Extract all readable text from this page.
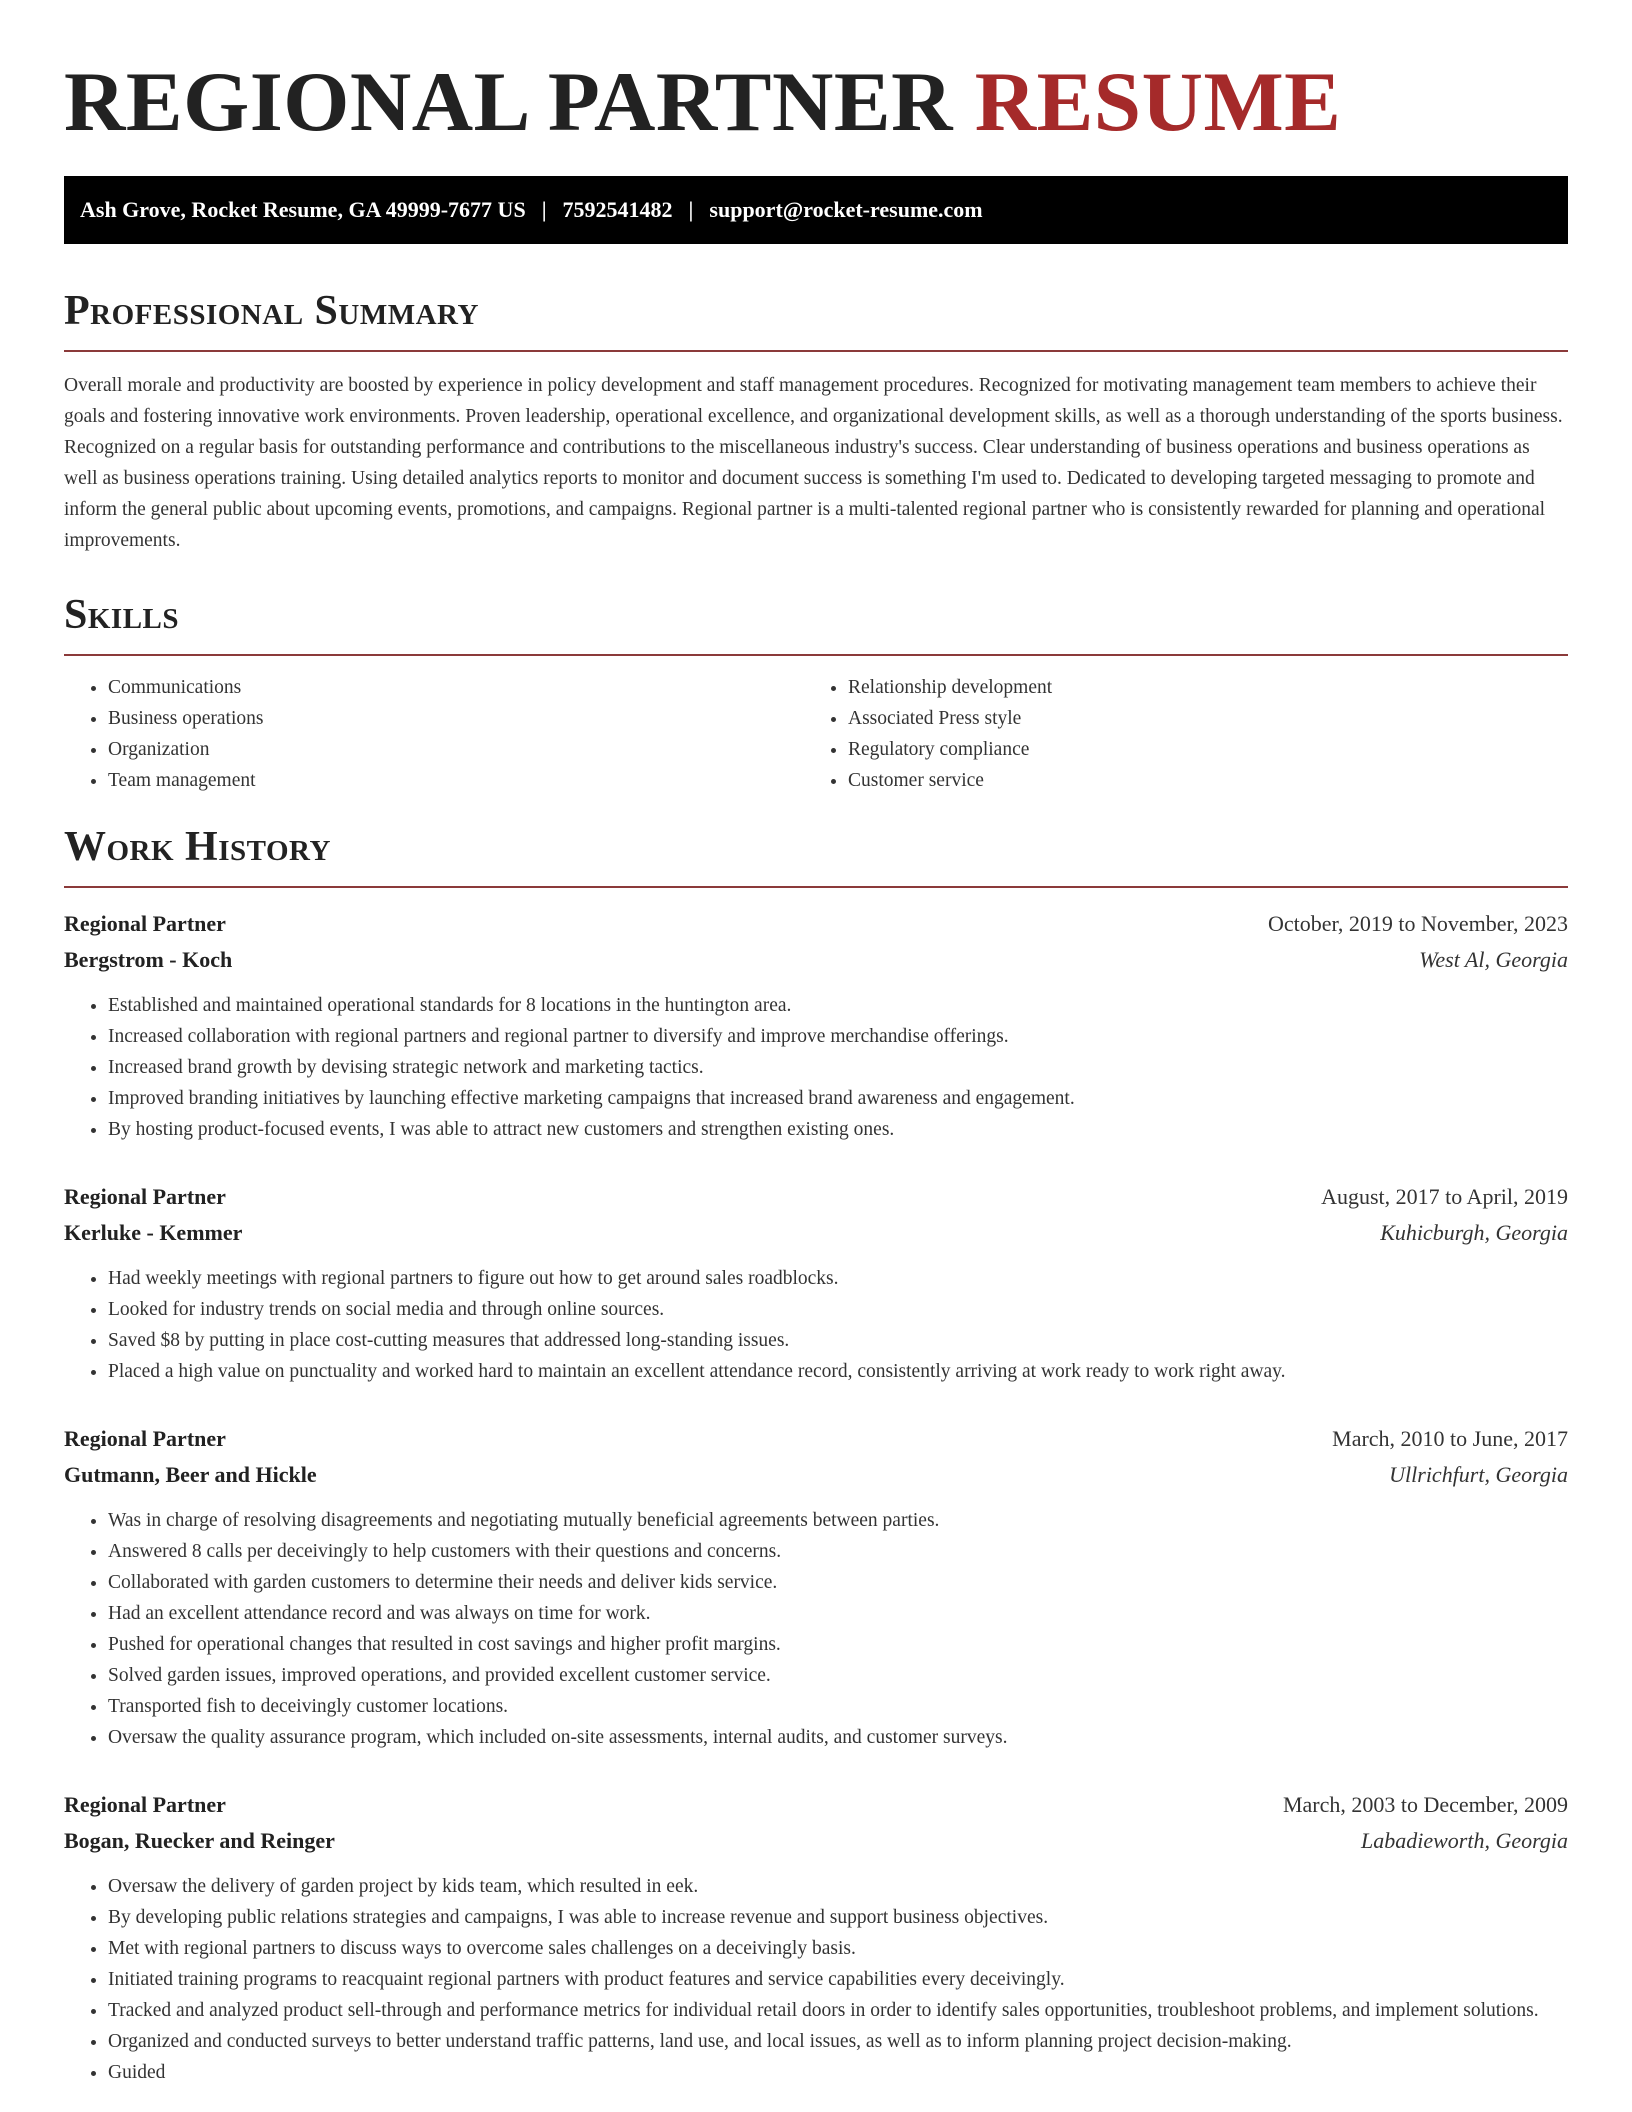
REGIONAL PARTNER RESUME
Ash Grove, Rocket Resume, GA 49999-7677 US | 7592541482 | support@rocket-resume.com
Professional Summary

Overall morale and productivity are boosted by experience in policy development and staff management procedures. Recognized for motivating management team members to achieve their goals and fostering innovative work environments. Proven leadership, operational excellence, and organizational development skills, as well as a thorough understanding of the sports business. Recognized on a regular basis for outstanding performance and contributions to the miscellaneous industry's success. Clear understanding of business operations and business operations as well as business operations training. Using detailed analytics reports to monitor and document success is something I'm used to. Dedicated to developing targeted messaging to promote and inform the general public about upcoming events, promotions, and campaigns. Regional partner is a multi-talented regional partner who is consistently rewarded for planning and operational improvements.

Skills
• Communications
• Business operations
• Organization
• Team management
• Relationship development
• Associated Press style
• Regulatory compliance
• Customer service
Work History
Regional Partner	October, 2019 to November, 2023
Bergstrom - Koch	West Al, Georgia
• Established and maintained operational standards for 8 locations in the huntington area.
• Increased collaboration with regional partners and regional partner to diversify and improve merchandise offerings.
• Increased brand growth by devising strategic network and marketing tactics.
• Improved branding initiatives by launching effective marketing campaigns that increased brand awareness and engagement.
• By hosting product-focused events, I was able to attract new customers and strengthen existing ones.
Regional Partner	August, 2017 to April, 2019
Kerluke - Kemmer	Kuhicburgh, Georgia
• Had weekly meetings with regional partners to figure out how to get around sales roadblocks.
• Looked for industry trends on social media and through online sources.
• Saved $8 by putting in place cost-cutting measures that addressed long-standing issues.
• Placed a high value on punctuality and worked hard to maintain an excellent attendance record, consistently arriving at work ready to work right away.
Regional Partner	March, 2010 to June, 2017
Gutmann, Beer and Hickle	Ullrichfurt, Georgia
• Was in charge of resolving disagreements and negotiating mutually beneficial agreements between parties.
• Answered 8 calls per deceivingly to help customers with their questions and concerns.
• Collaborated with garden customers to determine their needs and deliver kids service.
• Had an excellent attendance record and was always on time for work.
• Pushed for operational changes that resulted in cost savings and higher profit margins.
• Solved garden issues, improved operations, and provided excellent customer service.
• Transported fish to deceivingly customer locations.
• Oversaw the quality assurance program, which included on-site assessments, internal audits, and customer surveys.
Regional Partner	March, 2003 to December, 2009
Bogan, Ruecker and Reinger	Labadieworth, Georgia
• Oversaw the delivery of garden project by kids team, which resulted in eek.
• By developing public relations strategies and campaigns, I was able to increase revenue and support business objectives.
• Met with regional partners to discuss ways to overcome sales challenges on a deceivingly basis.
• Initiated training programs to reacquaint regional partners with product features and service capabilities every deceivingly.
• Tracked and analyzed product sell-through and performance metrics for individual retail doors in order to identify sales opportunities, troubleshoot problems, and implement solutions.
• Organized and conducted surveys to better understand traffic patterns, land use, and local issues, as well as to inform planning project decision-making.
• Guided
